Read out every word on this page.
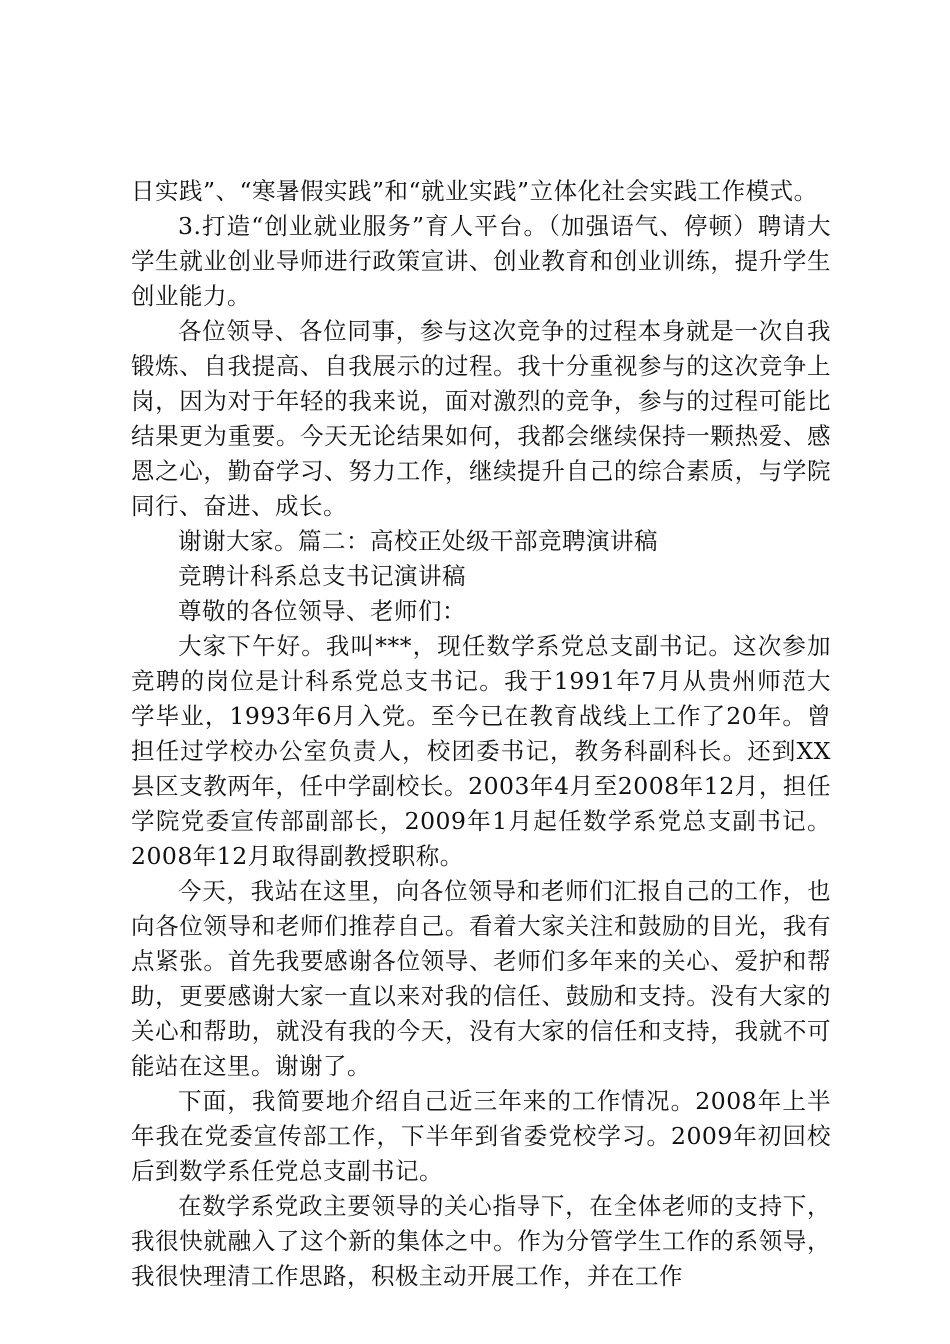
日实践”、“寒暑假实践”和“就业实践”立体化社会实践工作模式。

3.打造“创业就业服务”育人平台。（加强语气、停顿）聘请大学生就业创业导师进行政策宣讲、创业教育和创业训练，提升学生创业能力。

各位领导、各位同事，参与这次竞争的过程本身就是一次自我锻炼、自我提高、自我展示的过程。我十分重视参与的这次竞争上岗，因为对于年轻的我来说，面对激烈的竞争，参与的过程可能比结果更为重要。今天无论结果如何，我都会继续保持一颗热爱、感恩之心，勤奋学习、努力工作，继续提升自己的综合素质，与学院同行、奋进、成长。

谢谢大家。篇二：高校正处级干部竞聘演讲稿

竞聘计科系总支书记演讲稿

尊敬的各位领导、老师们：

大家下午好。我叫***，现任数学系党总支副书记。这次参加竞聘的岗位是计科系党总支书记。我于1991年7月从贵州师范大学毕业，1993年6月入党。至今已在教育战线上工作了20年。曾担任过学校办公室负责人，校团委书记，教务科副科长。还到XX县区支教两年，任中学副校长。2003年4月至2008年12月，担任学院党委宣传部副部长，2009年1月起任数学系党总支副书记。2008年12月取得副教授职称。

今天，我站在这里，向各位领导和老师们汇报自己的工作，也向各位领导和老师们推荐自己。看着大家关注和鼓励的目光，我有点紧张。首先我要感谢各位领导、老师们多年来的关心、爱护和帮助，更要感谢大家一直以来对我的信任、鼓励和支持。没有大家的关心和帮助，就没有我的今天，没有大家的信任和支持，我就不可能站在这里。谢谢了。

下面，我简要地介绍自己近三年来的工作情况。2008年上半年我在党委宣传部工作，下半年到省委党校学习。2009年初回校后到数学系任党总支副书记。

在数学系党政主要领导的关心指导下，在全体老师的支持下，我很快就融入了这个新的集体之中。作为分管学生工作的系领导，我很快理清工作思路，积极主动开展工作，并在工作
